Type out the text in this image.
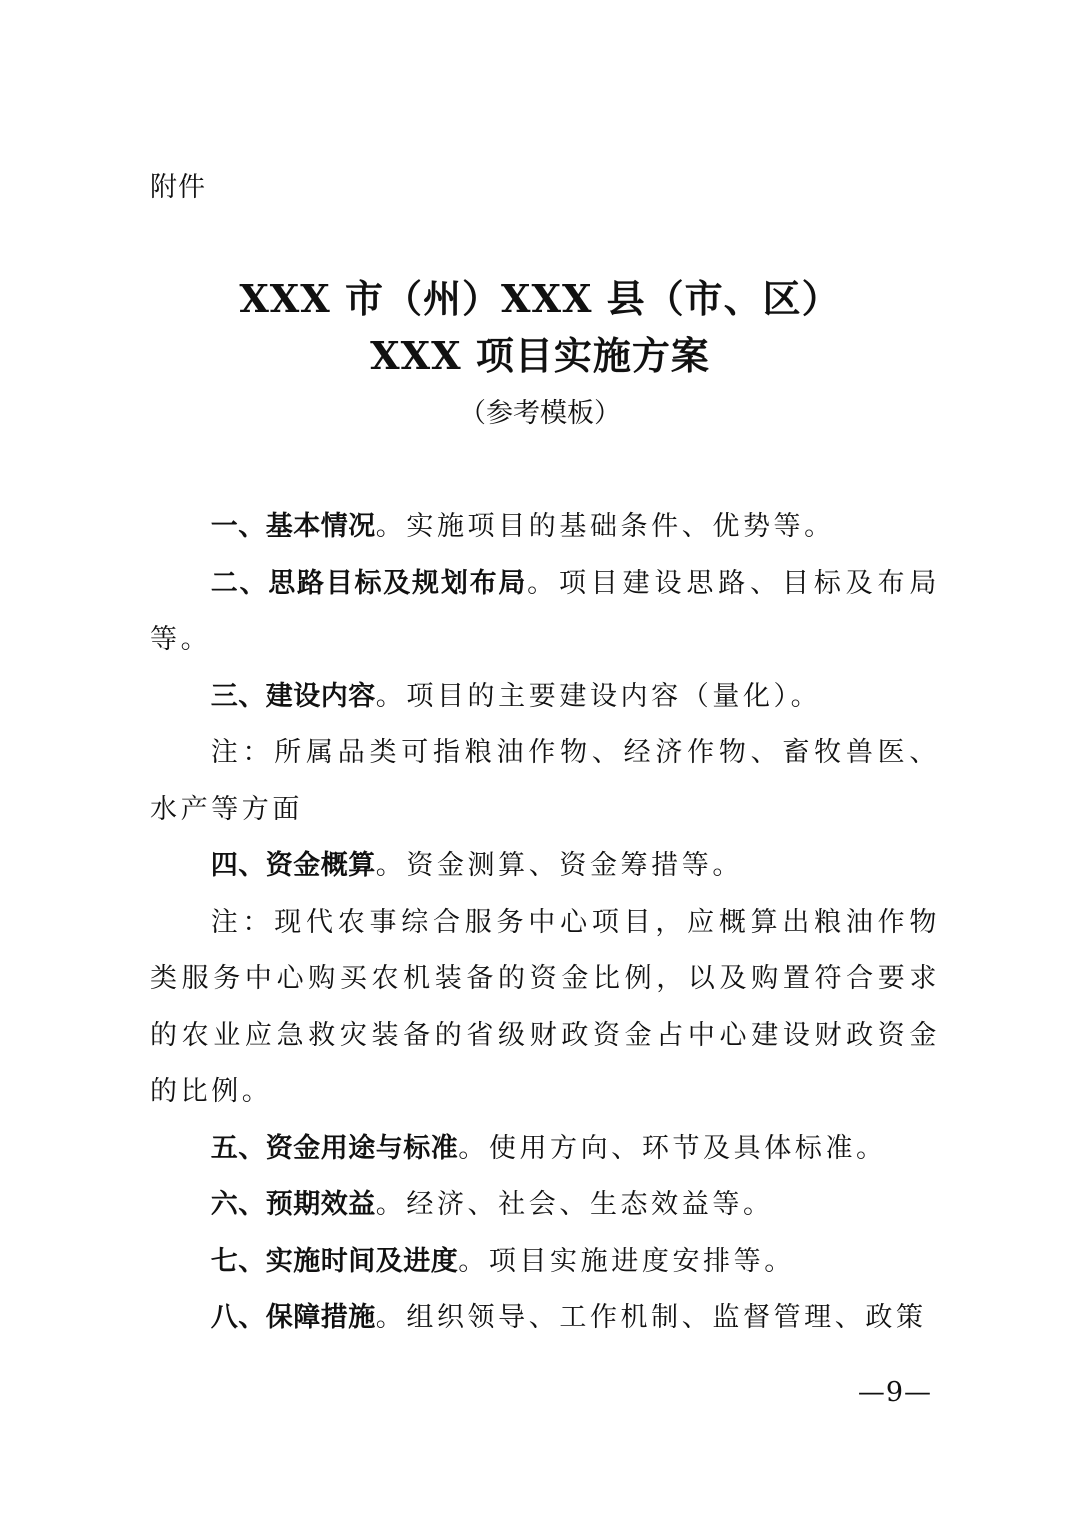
附件
XXX 市（州）XXX 县（市、区）
XXX 项目实施方案
（参考模板）

一、基本情况。实施项目的基础条件、优势等。

二、思路目标及规划布局。项目建设思路、目标及布局等。

三、建设内容。项目的主要建设内容（量化）。

注：所属品类可指粮油作物、经济作物、畜牧兽医、水产等方面

四、资金概算。资金测算、资金筹措等。

注：现代农事综合服务中心项目，应概算出粮油作物类服务中心购买农机装备的资金比例，以及购置符合要求的农业应急救灾装备的省级财政资金占中心建设财政资金的比例。

五、资金用途与标准。使用方向、环节及具体标准。

六、预期效益。经济、社会、生态效益等。

七、实施时间及进度。项目实施进度安排等。

八、保障措施。组织领导、工作机制、监督管理、政策

—9—
